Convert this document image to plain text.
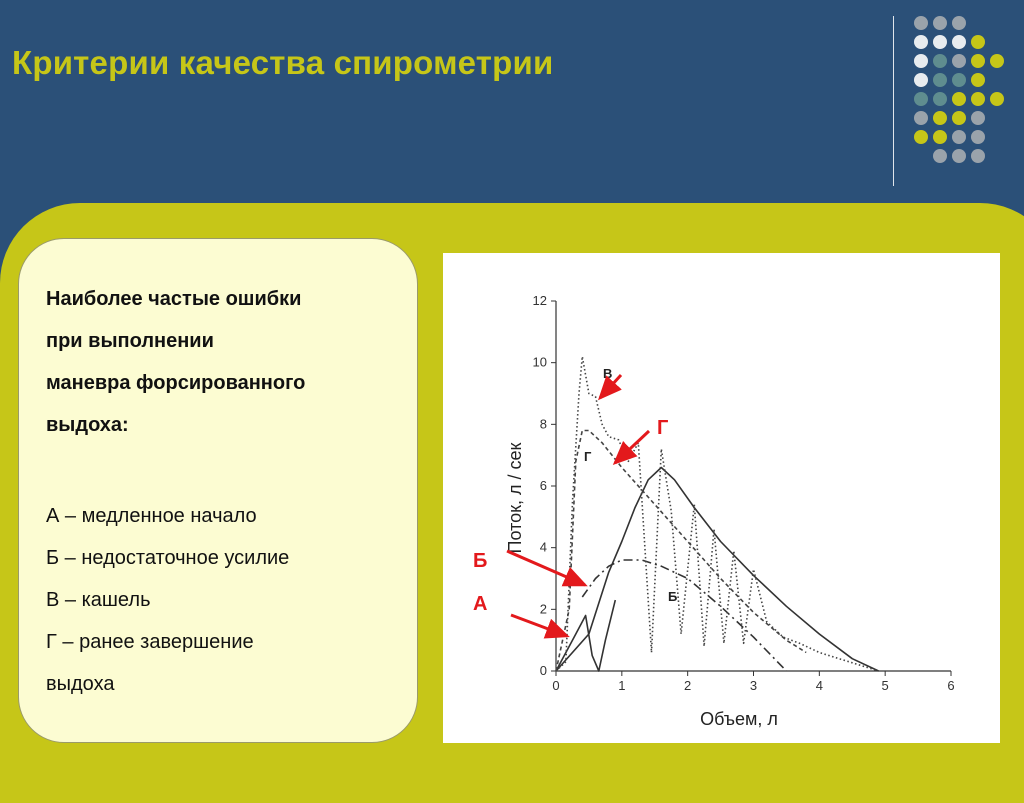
Критерии качества спирометрии
Наиболее частые ошибки
при выполнении
маневра форсированного
выдоха:
А – медленное начало
Б – недостаточное усилие
В – кашель
Г – ранее завершение
выдоха	0	1	2	3	4	5	6
0
2
4
6
8
10
12
Объем, л
Поток, л / сек
В
Г
Б
Г
Б
А
